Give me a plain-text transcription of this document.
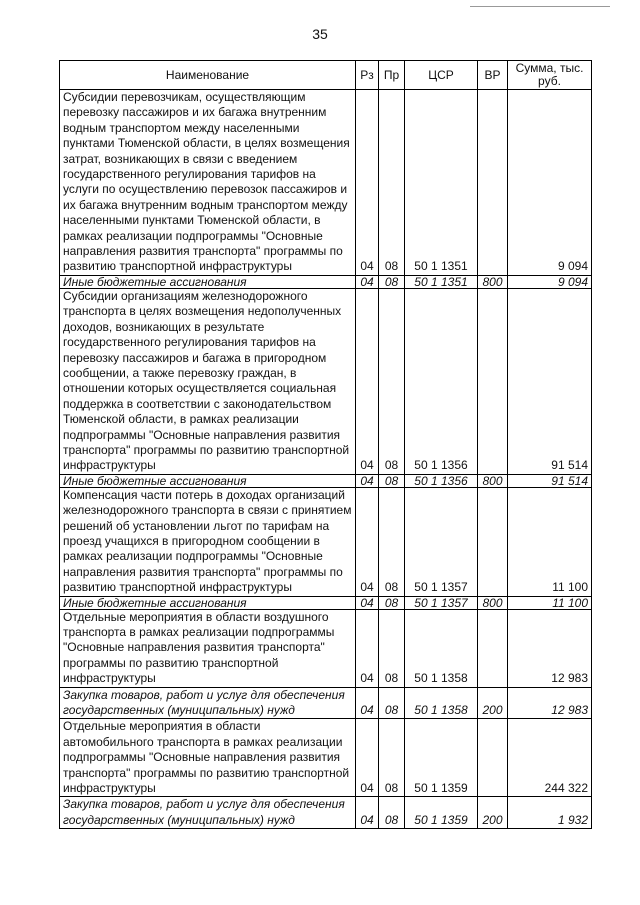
35
Наименование	Рз	Пр	ЦСР	ВР	Сумма, тыс. руб.
Субсидии перевозчикам, осуществляющим перевозку пассажиров и их багажа внутренним водным транспортом между населенными пунктами Тюменской области, в целях возмещения затрат, возникающих в связи с введением государственного регулирования тарифов на услуги по осуществлению перевозок пассажиров и их багажа внутренним водным транспортом между населенными пунктами Тюменской области, в рамках реализации подпрограммы "Основные направления развития транспорта" программы по развитию транспортной инфраструктуры	04	08	50 1 1351		9 094
Иные бюджетные ассигнования	04	08	50 1 1351	800	9 094
Субсидии организациям железнодорожного транспорта в целях возмещения недополученных доходов, возникающих в результате государственного регулирования тарифов на перевозку пассажиров и багажа в пригородном сообщении, а также перевозку граждан, в отношении которых осуществляется социальная поддержка в соответствии с законодательством Тюменской области, в рамках реализации подпрограммы "Основные направления развития транспорта" программы по развитию транспортной инфраструктуры	04	08	50 1 1356		91 514
Иные бюджетные ассигнования	04	08	50 1 1356	800	91 514
Компенсация части потерь в доходах организаций железнодорожного транспорта в связи с принятием решений об установлении льгот по тарифам на проезд учащихся в пригородном сообщении в рамках реализации подпрограммы "Основные направления развития транспорта" программы по развитию транспортной инфраструктуры	04	08	50 1 1357		11 100
Иные бюджетные ассигнования	04	08	50 1 1357	800	11 100
Отдельные мероприятия в области воздушного транспорта в рамках реализации подпрограммы "Основные направления развития транспорта" программы по развитию транспортной инфраструктуры	04	08	50 1 1358		12 983
Закупка товаров, работ и услуг для обеспечения государственных (муниципальных) нужд	04	08	50 1 1358	200	12 983
Отдельные мероприятия в области автомобильного транспорта в рамках реализации подпрограммы "Основные направления развития транспорта" программы по развитию транспортной инфраструктуры	04	08	50 1 1359		244 322
Закупка товаров, работ и услуг для обеспечения государственных (муниципальных) нужд	04	08	50 1 1359	200	1 932
